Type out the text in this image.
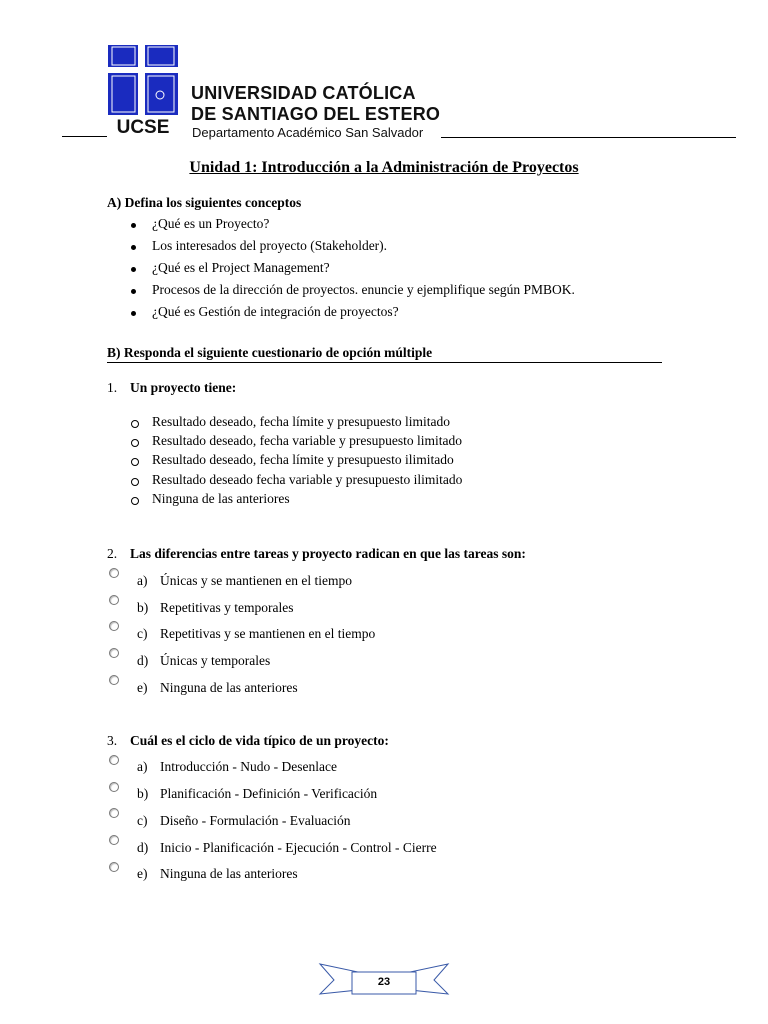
UCSE
UNIVERSIDAD CATÓLICA
DE SANTIAGO DEL ESTERO
Departamento Académico San Salvador
Unidad 1: Introducción a la Administración de Proyectos
A) Defina los siguientes conceptos
¿Qué es un Proyecto?
Los interesados del proyecto (Stakeholder).
¿Qué es el Project Management?
Procesos de la dirección de proyectos. enuncie y ejemplifique según PMBOK.
¿Qué es Gestión de integración de proyectos?
B) Responda el siguiente cuestionario de opción múltiple
1. Un proyecto tiene:
Resultado deseado, fecha límite y presupuesto limitado
Resultado deseado, fecha variable y presupuesto limitado
Resultado deseado, fecha límite y presupuesto ilimitado
Resultado deseado fecha variable y presupuesto ilimitado
Ninguna de las anteriores
2. Las diferencias entre tareas y proyecto radican en que las tareas son:
a) Únicas y se mantienen en el tiempo
b) Repetitivas y temporales
c) Repetitivas y se mantienen en el tiempo
d) Únicas y temporales
e) Ninguna de las anteriores
3. Cuál es el ciclo de vida típico de un proyecto:
a) Introducción - Nudo - Desenlace
b) Planificación - Definición - Verificación
c) Diseño - Formulación - Evaluación
d) Inicio - Planificación - Ejecución - Control - Cierre
e) Ninguna de las anteriores
23
